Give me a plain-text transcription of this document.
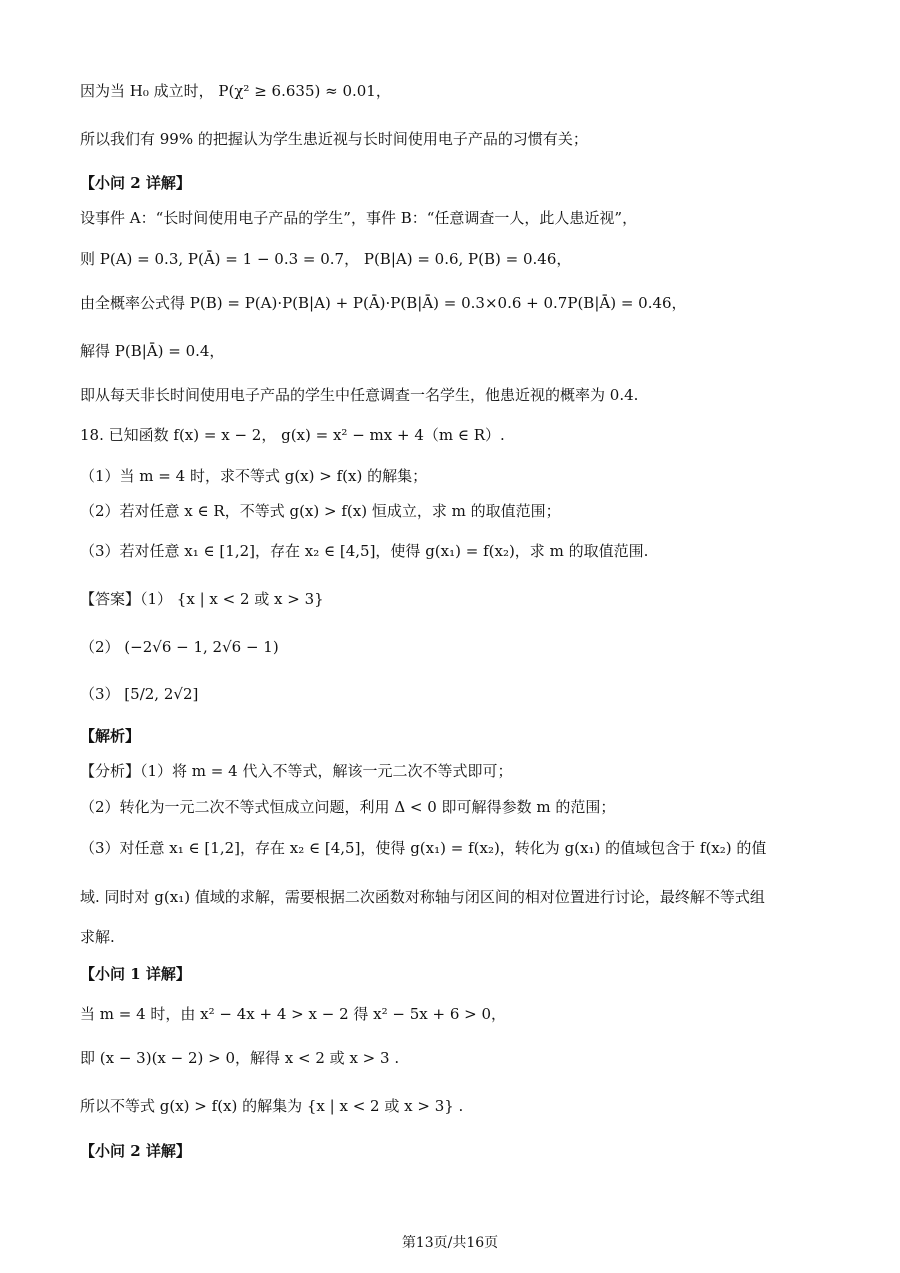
因为当 H₀ 成立时， P(χ² ≥ 6.635) ≈ 0.01，
所以我们有 99% 的把握认为学生患近视与长时间使用电子产品的习惯有关；
【小问 2 详解】
设事件 A：“长时间使用电子产品的学生”，事件 B：“任意调查一人，此人患近视”，
则 P(A) = 0.3, P(Ā) = 1 − 0.3 = 0.7， P(B|A) = 0.6, P(B) = 0.46，
由全概率公式得 P(B) = P(A)·P(B|A) + P(Ā)·P(B|Ā) = 0.3×0.6 + 0.7P(B|Ā) = 0.46，
解得 P(B|Ā) = 0.4，
即从每天非长时间使用电子产品的学生中任意调查一名学生，他患近视的概率为 0.4.
18. 已知函数 f(x) = x − 2， g(x) = x² − mx + 4（m ∈ R）.
（1）当 m = 4 时，求不等式 g(x) > f(x) 的解集；
（2）若对任意 x ∈ R，不等式 g(x) > f(x) 恒成立，求 m 的取值范围；
（3）若对任意 x₁ ∈ [1,2]，存在 x₂ ∈ [4,5]，使得 g(x₁) = f(x₂)，求 m 的取值范围.
【答案】（1） {x | x < 2 或 x > 3}
（2） (−2√6 − 1, 2√6 − 1)
（3） [5/2, 2√2]
【解析】
【分析】（1）将 m = 4 代入不等式，解该一元二次不等式即可；
（2）转化为一元二次不等式恒成立问题，利用 Δ < 0 即可解得参数 m 的范围；
（3）对任意 x₁ ∈ [1,2]，存在 x₂ ∈ [4,5]，使得 g(x₁) = f(x₂)，转化为 g(x₁) 的值域包含于 f(x₂) 的值
域. 同时对 g(x₁) 值域的求解，需要根据二次函数对称轴与闭区间的相对位置进行讨论，最终解不等式组
求解.
【小问 1 详解】
当 m = 4 时，由 x² − 4x + 4 > x − 2 得 x² − 5x + 6 > 0，
即 (x − 3)(x − 2) > 0，解得 x < 2 或 x > 3 .
所以不等式 g(x) > f(x) 的解集为 {x | x < 2 或 x > 3} .
【小问 2 详解】
第13页/共16页
